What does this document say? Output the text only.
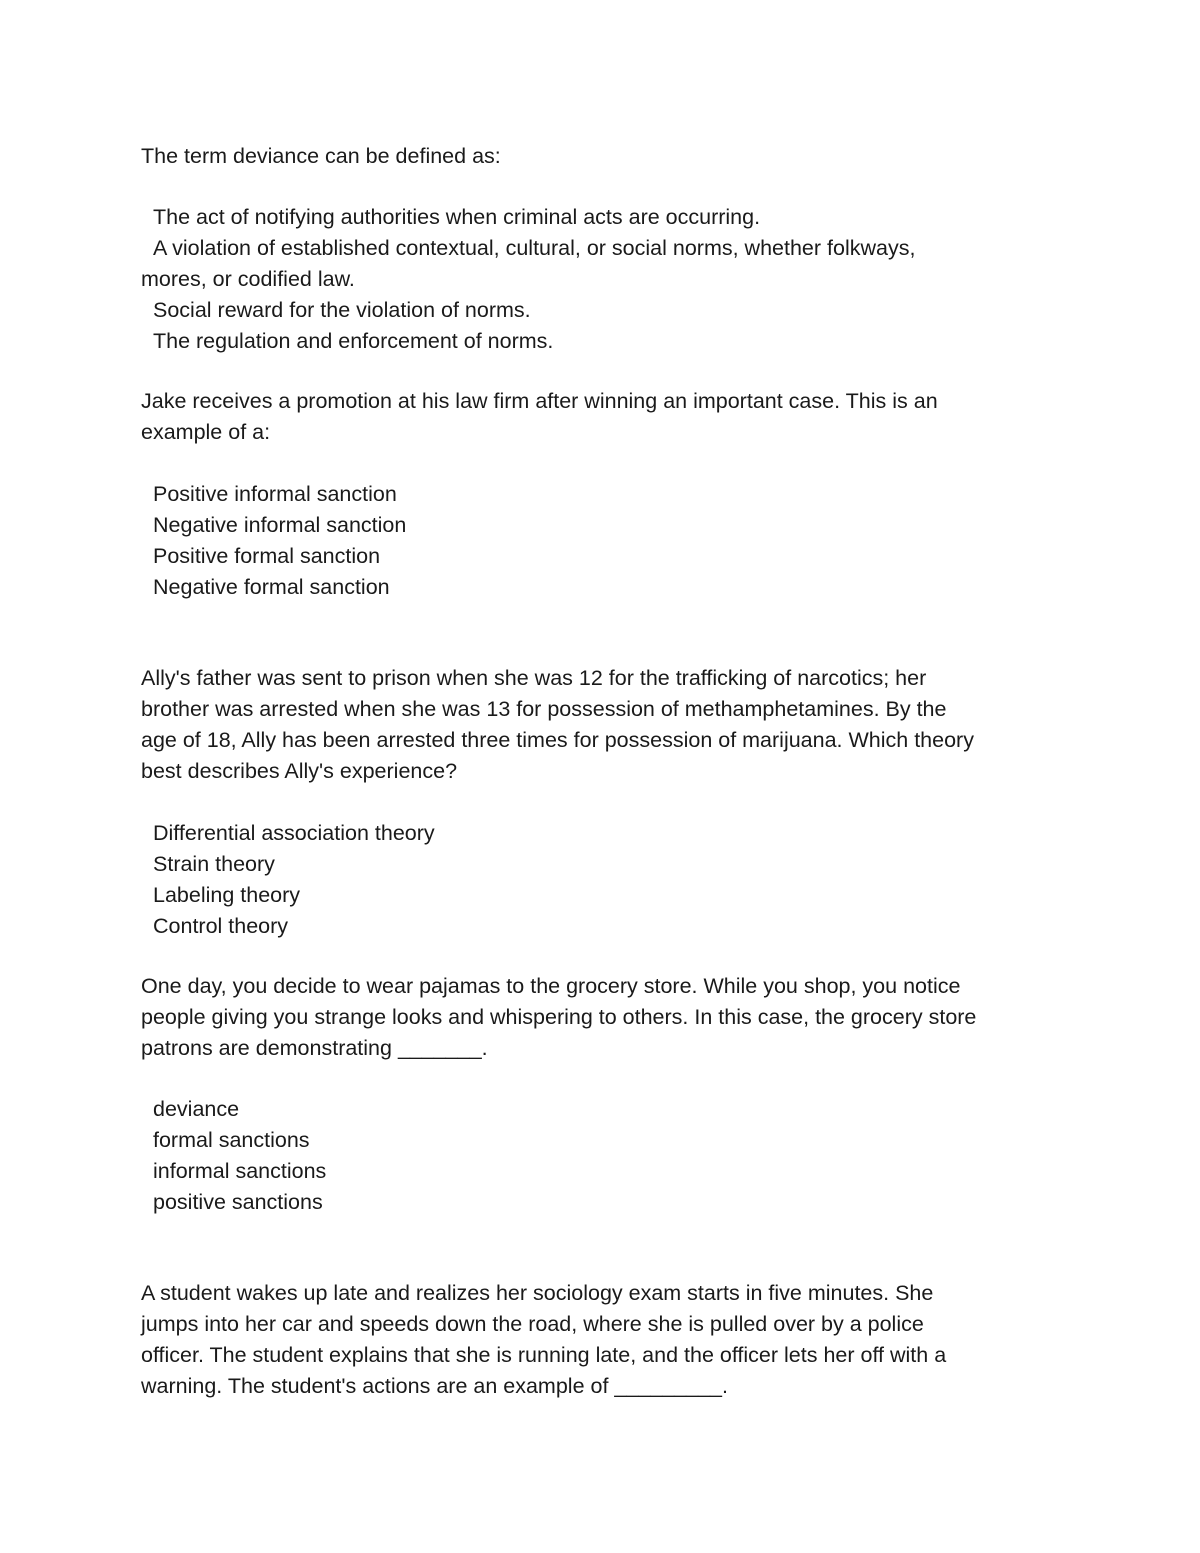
The term deviance can be defined as:

The act of notifying authorities when criminal acts are occurring.

A violation of established contextual, cultural, or social norms, whether folkways,

mores, or codified law.

Social reward for the violation of norms.

The regulation and enforcement of norms.

Jake receives a promotion at his law firm after winning an important case. This is an

example of a:

Positive informal sanction

Negative informal sanction

Positive formal sanction

Negative formal sanction

Ally's father was sent to prison when she was 12 for the trafficking of narcotics; her

brother was arrested when she was 13 for possession of methamphetamines. By the

age of 18, Ally has been arrested three times for possession of marijuana. Which theory

best describes Ally's experience?

Differential association theory

Strain theory

Labeling theory

Control theory

One day, you decide to wear pajamas to the grocery store. While you shop, you notice

people giving you strange looks and whispering to others. In this case, the grocery store

patrons are demonstrating _______.

deviance

formal sanctions

informal sanctions

positive sanctions

A student wakes up late and realizes her sociology exam starts in five minutes. She

jumps into her car and speeds down the road, where she is pulled over by a police

officer. The student explains that she is running late, and the officer lets her off with a

warning. The student's actions are an example of _________.
